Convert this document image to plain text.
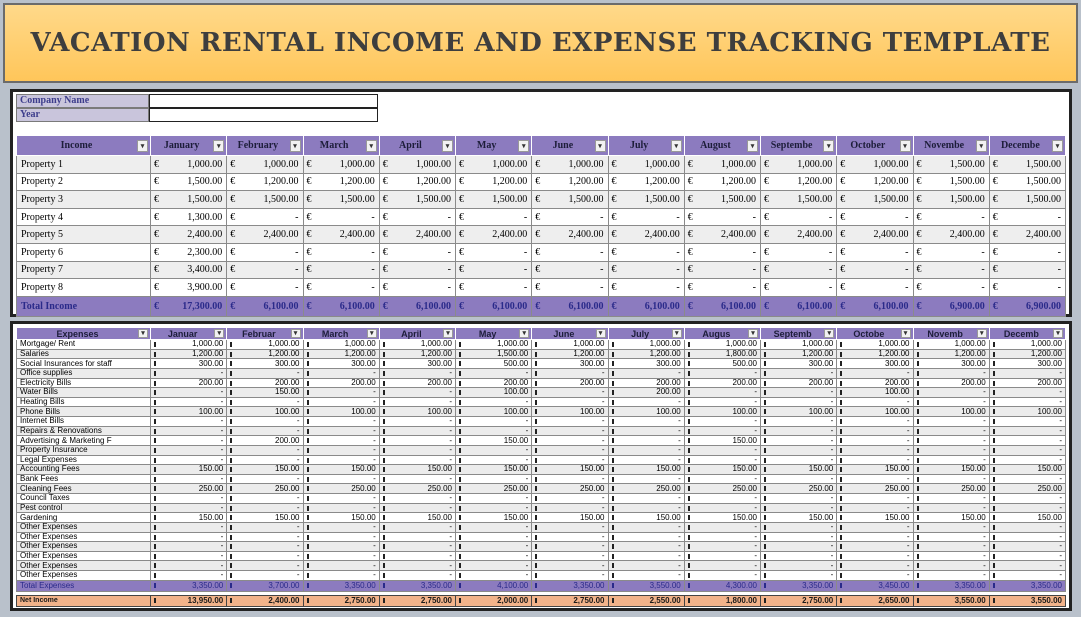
VACATION RENTAL INCOME AND EXPENSE TRACKING TEMPLATE
Company Name
Year
Income ▾	January ▾	February ▾	March ▾	April ▾	May ▾	June ▾	July ▾	August ▾	Septembe ▾	October ▾	Novembe ▾	Decembe ▾

Property 1	€ 1,000.00	€ 1,000.00	€ 1,000.00	€ 1,000.00	€ 1,000.00	€ 1,000.00	€ 1,000.00	€ 1,000.00	€ 1,000.00	€ 1,000.00	€ 1,500.00	€ 1,500.00
Property 2	€ 1,500.00	€ 1,200.00	€ 1,200.00	€ 1,200.00	€ 1,200.00	€ 1,200.00	€ 1,200.00	€ 1,200.00	€ 1,200.00	€ 1,200.00	€ 1,500.00	€ 1,500.00
Property 3	€ 1,500.00	€ 1,500.00	€ 1,500.00	€ 1,500.00	€ 1,500.00	€ 1,500.00	€ 1,500.00	€ 1,500.00	€ 1,500.00	€ 1,500.00	€ 1,500.00	€ 1,500.00
Property 4	€ 1,300.00	€ -	€ -	€ -	€ -	€ -	€ -	€ -	€ -	€ -	€ -	€ -
Property 5	€ 2,400.00	€ 2,400.00	€ 2,400.00	€ 2,400.00	€ 2,400.00	€ 2,400.00	€ 2,400.00	€ 2,400.00	€ 2,400.00	€ 2,400.00	€ 2,400.00	€ 2,400.00
Property 6	€ 2,300.00	€ -	€ -	€ -	€ -	€ -	€ -	€ -	€ -	€ -	€ -	€ -
Property 7	€ 3,400.00	€ -	€ -	€ -	€ -	€ -	€ -	€ -	€ -	€ -	€ -	€ -
Property 8	€ 3,900.00	€ -	€ -	€ -	€ -	€ -	€ -	€ -	€ -	€ -	€ -	€ -
Total Income	€ 17,300.00	€ 6,100.00	€ 6,100.00	€ 6,100.00	€ 6,100.00	€ 6,100.00	€ 6,100.00	€ 6,100.00	€ 6,100.00	€ 6,100.00	€ 6,900.00	€ 6,900.00
Expenses ▾	Januar ▾	Februar ▾	March ▾	April ▾	May ▾	June ▾	July ▾	Augus ▾	Septemb ▾	Octobe ▾	Novemb ▾	Decemb ▾

Mortgage/ Rent	1,000.00	1,000.00	1,000.00	1,000.00	1,000.00	1,000.00	1,000.00	1,000.00	1,000.00	1,000.00	1,000.00	1,000.00
Salaries	1,200.00	1,200.00	1,200.00	1,200.00	1,500.00	1,200.00	1,200.00	1,800.00	1,200.00	1,200.00	1,200.00	1,200.00
Social Insurances for staff	300.00	300.00	300.00	300.00	500.00	300.00	300.00	500.00	300.00	300.00	300.00	300.00
Office supplies	-	-	-	-	-	-	-	-	-	-	-	-
Electricity Bills	200.00	200.00	200.00	200.00	200.00	200.00	200.00	200.00	200.00	200.00	200.00	200.00
Water Bills	-	150.00	-	-	100.00	-	200.00	-	-	100.00	-	-
Heating Bills	-	-	-	-	-	-	-	-	-	-	-	-
Phone Bills	100.00	100.00	100.00	100.00	100.00	100.00	100.00	100.00	100.00	100.00	100.00	100.00
Internet Bills	-	-	-	-	-	-	-	-	-	-	-	-
Repairs & Renovations	-	-	-	-	-	-	-	-	-	-	-	-
Advertising & Marketing F	-	200.00	-	-	150.00	-	-	150.00	-	-	-	-
Property Insurance	-	-	-	-	-	-	-	-	-	-	-	-
Legal Expenses	-	-	-	-	-	-	-	-	-	-	-	-
Accounting Fees	150.00	150.00	150.00	150.00	150.00	150.00	150.00	150.00	150.00	150.00	150.00	150.00
Bank Fees	-	-	-	-	-	-	-	-	-	-	-	-
Cleaning Fees	250.00	250.00	250.00	250.00	250.00	250.00	250.00	250.00	250.00	250.00	250.00	250.00
Council Taxes	-	-	-	-	-	-	-	-	-	-	-	-
Pest control	-	-	-	-	-	-	-	-	-	-	-	-
Gardening	150.00	150.00	150.00	150.00	150.00	150.00	150.00	150.00	150.00	150.00	150.00	150.00
Other Expenses	-	-	-	-	-	-	-	-	-	-	-	-
Other Expenses	-	-	-	-	-	-	-	-	-	-	-	-
Other Expenses	-	-	-	-	-	-	-	-	-	-	-	-
Other Expenses	-	-	-	-	-	-	-	-	-	-	-	-
Other Expenses	-	-	-	-	-	-	-	-	-	-	-	-
Other Expenses	-	-	-	-	-	-	-	-	-	-	-	-
Total Expenses	3,350.00	3,700.00	3,350.00	3,350.00	4,100.00	3,350.00	3,550.00	4,300.00	3,350.00	3,450.00	3,350.00	3,350.00

Net Income	13,950.00	2,400.00	2,750.00	2,750.00	2,000.00	2,750.00	2,550.00	1,800.00	2,750.00	2,650.00	3,550.00	3,550.00
